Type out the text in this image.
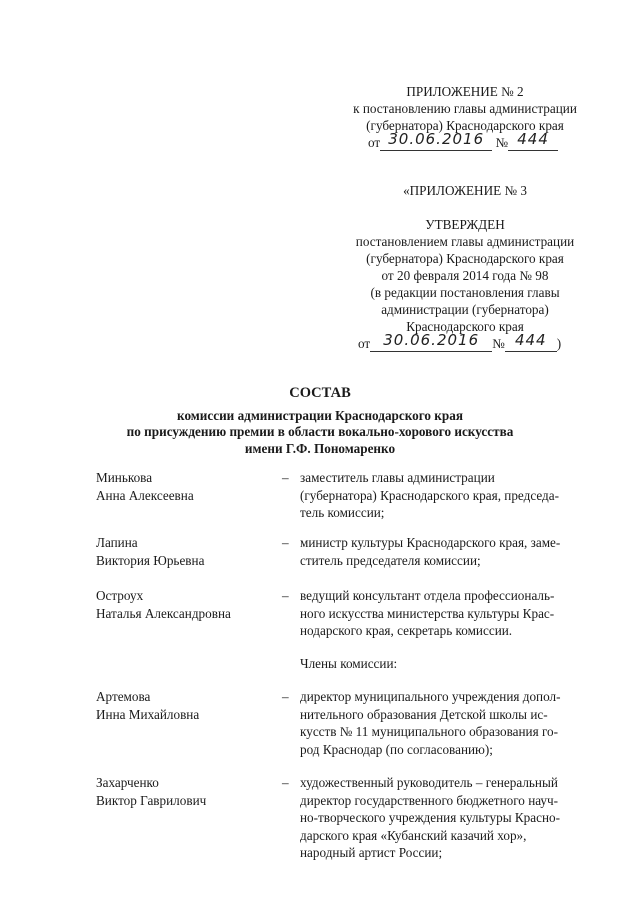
ПРИЛОЖЕНИЕ № 2
к постановлению главы администрации
(губернатора) Краснодарского края
от 30.06.2016 № 444
«ПРИЛОЖЕНИЕ № 3
УТВЕРЖДЕН
постановлением главы администрации
(губернатора) Краснодарского края
от 20 февраля 2014 года № 98
(в редакции постановления главы
администрации (губернатора)
Краснодарского края
от 30.06.2016 № 444 )
СОСТАВ
комиссии администрации Краснодарского края
по присуждению премии в области вокально-хорового искусства
имени Г.Ф. Пономаренко
Минькова
Анна Алексеевна
– заместитель главы администрации
(губернатора) Краснодарского края, председа-
тель комиссии;
Лапина
Виктория Юрьевна
– министр культуры Краснодарского края, заме-
ститель председателя комиссии;
Остроух
Наталья Александровна
– ведущий консультант отдела профессиональ-
ного искусства министерства культуры Крас-
нодарского края, секретарь комиссии.
Члены комиссии:
Артемова
Инна Михайловна
– директор муниципального учреждения допол-
нительного образования Детской школы ис-
кусств № 11 муниципального образования го-
род Краснодар (по согласованию);
Захарченко
Виктор Гаврилович
– художественный руководитель – генеральный
директор государственного бюджетного науч-
но-творческого учреждения культуры Красно-
дарского края «Кубанский казачий хор»,
народный артист России;
